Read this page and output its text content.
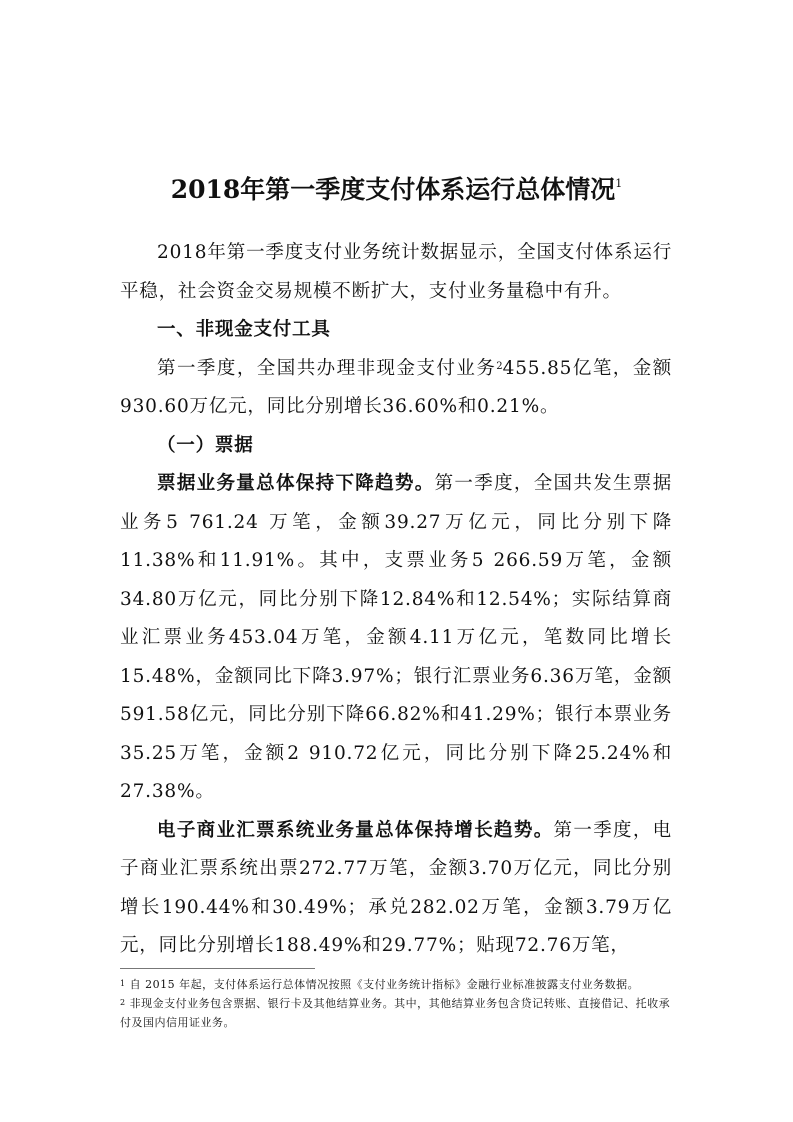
2018年第一季度支付体系运行总体情况$^1$

2018年第一季度支付业务统计数据显示，全国支付体系运行平稳，社会资金交易规模不断扩大，支付业务量稳中有升。

一、非现金支付工具

第一季度，全国共办理非现金支付业务$^2$455.85亿笔，金额930.60万亿元，同比分别增长36.60%和0.21%。

（一）票据

票据业务量总体保持下降趋势。第一季度，全国共发生票据业务5 761.24 万笔，金额39.27万亿元，同比分别下降11.38%和11.91%。其中，支票业务5 266.59万笔，金额34.80万亿元，同比分别下降12.84%和12.54%；实际结算商业汇票业务453.04万笔，金额4.11万亿元，笔数同比增长15.48%，金额同比下降3.97%；银行汇票业务6.36万笔，金额591.58亿元，同比分别下降66.82%和41.29%；银行本票业务35.25万笔，金额2 910.72亿元，同比分别下降25.24%和27.38%。

电子商业汇票系统业务量总体保持增长趋势。第一季度，电子商业汇票系统出票272.77万笔，金额3.70万亿元，同比分别增长190.44%和30.49%；承兑282.02万笔，金额3.79万亿元，同比分别增长188.49%和29.77%；贴现72.76万笔，

$^1$ 自 2015 年起，支付体系运行总体情况按照《支付业务统计指标》金融行业标准披露支付业务数据。

$^2$ 非现金支付业务包含票据、银行卡及其他结算业务。其中，其他结算业务包含贷记转账、直接借记、托收承付及国内信用证业务。
